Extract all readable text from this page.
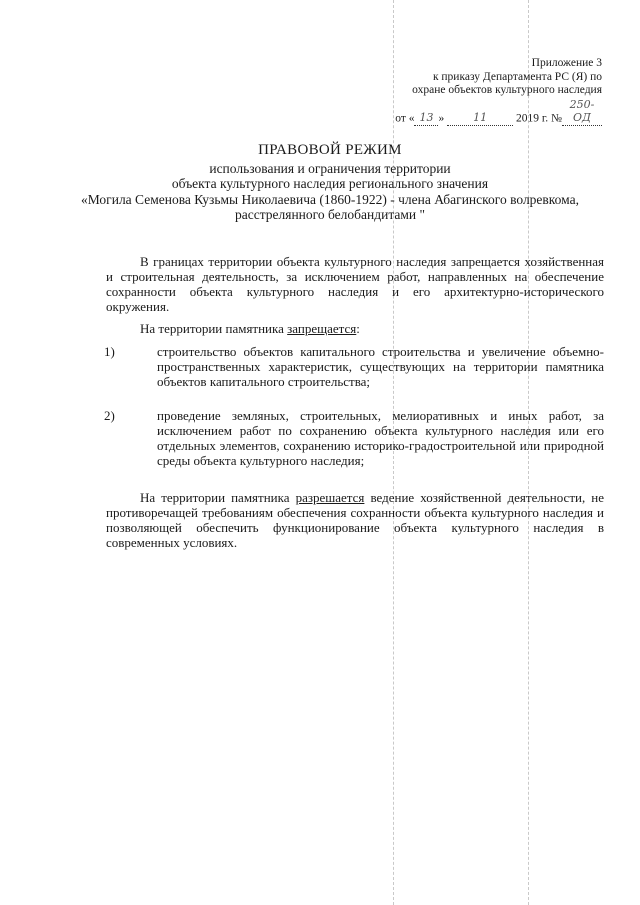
Приложение 3
к приказу Департамента РС (Я) по
охране объектов культурного наследия
от « 13 »	11	2019 г. №250-ОД
ПРАВОВОЙ РЕЖИМ
использования и ограничения территории
объекта культурного наследия регионального значения
«Могила Семенова Кузьмы Николаевича (1860-1922) - члена Абагинского волревкома,
расстрелянного белобандитами "
В границах территории объекта культурного наследия запрещается хозяйственная и строительная деятельность, за исключением работ, направленных на обеспечение сохранности объекта культурного наследия и его архитектурно-исторического окружения.
На территории памятника запрещается:
1)	строительство объектов капитального строительства и увеличение объемно-пространственных характеристик, существующих на территории памятника объектов капитального строительства;
2)	проведение земляных, строительных, мелиоративных и иных работ, за исключением работ по сохранению объекта культурного наследия или его отдельных элементов, сохранению историко-градостроительной или природной среды объекта культурного наследия;
На территории памятника разрешается ведение хозяйственной деятельности, не противоречащей требованиям обеспечения сохранности объекта культурного наследия и позволяющей обеспечить функционирование объекта культурного наследия в современных условиях.
